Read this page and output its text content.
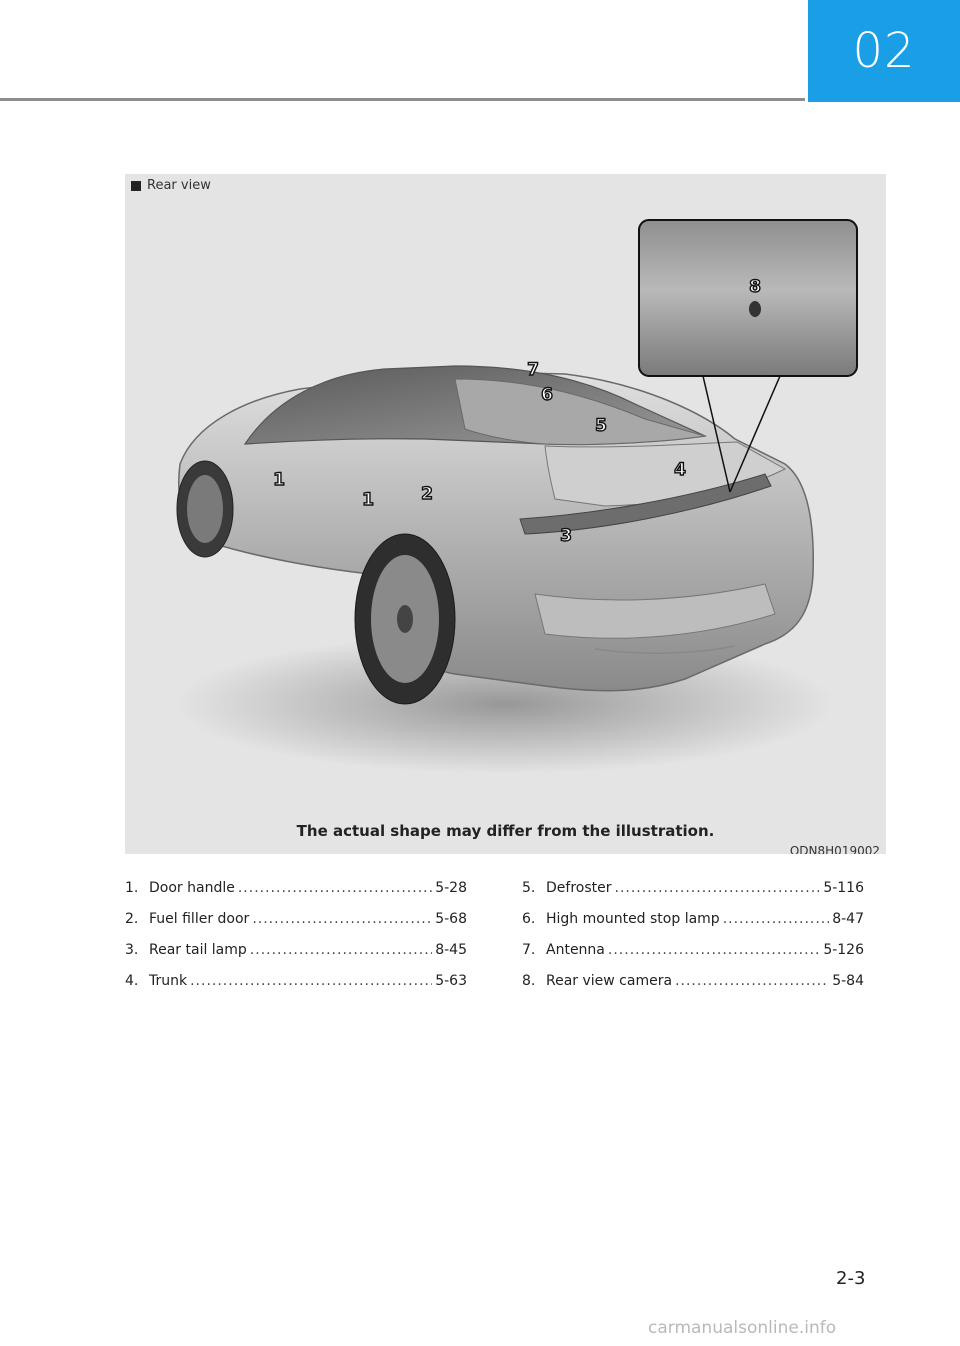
02
Rear view
1
1	2
3
4
5
6
7
8
The actual shape may differ from the illustration.
ODN8H019002
1. Door handle .....	5-28
2. Fuel filler door .....	5-68
3. Rear tail lamp .....	8-45
4. Trunk .....	5-63
5. Defroster .....	5-116
6. High mounted stop lamp .....	8-47
7. Antenna .....	5-126
8. Rear view camera .....	5-84
2-3
carmanualsonline.info
